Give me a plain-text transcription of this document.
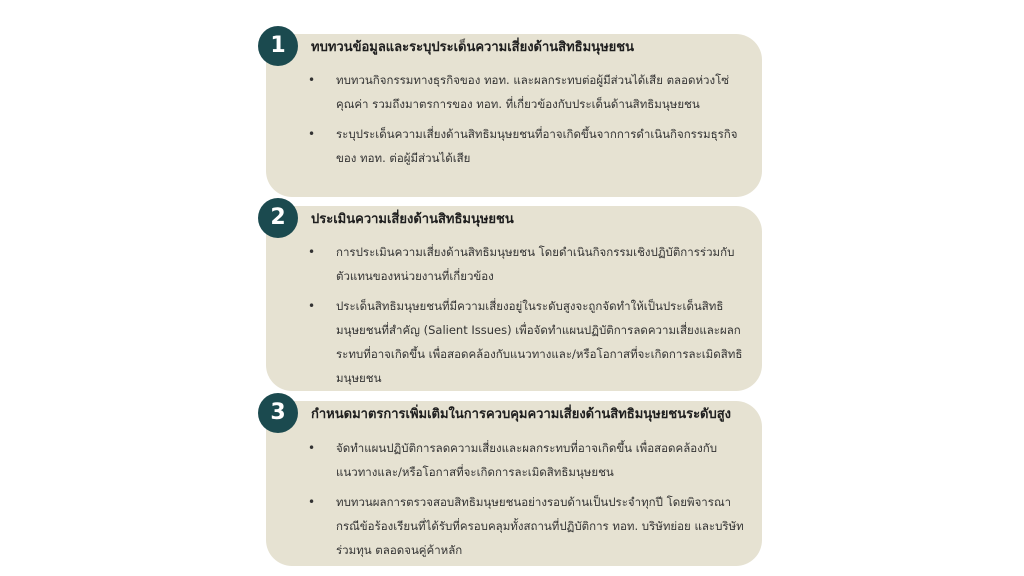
1	ทบทวนข้อมูลและระบุประเด็นความเสี่ยงด้านสิทธิมนุษยชน
• ทบทวนกิจกรรมทางธุรกิจของ ทอท. และผลกระทบต่อผู้มีส่วนได้เสีย ตลอดห่วงโซ่คุณค่า รวมถึงมาตรการของ ทอท. ที่เกี่ยวข้องกับประเด็นด้านสิทธิมนุษยชน
• ระบุประเด็นความเสี่ยงด้านสิทธิมนุษยชนที่อาจเกิดขึ้นจากการดำเนินกิจกรรมธุรกิจของ ทอท. ต่อผู้มีส่วนได้เสีย
2	ประเมินความเสี่ยงด้านสิทธิมนุษยชน
• การประเมินความเสี่ยงด้านสิทธิมนุษยชน โดยดำเนินกิจกรรมเชิงปฏิบัติการร่วมกับตัวแทนของหน่วยงานที่เกี่ยวข้อง
• ประเด็นสิทธิมนุษยชนที่มีความเสี่ยงอยู่ในระดับสูงจะถูกจัดทำให้เป็นประเด็นสิทธิมนุษยชนที่สำคัญ (Salient Issues) เพื่อจัดทำแผนปฏิบัติการลดความเสี่ยงและผลกระทบที่อาจเกิดขึ้น เพื่อสอดคล้องกับแนวทางและ/หรือโอกาสที่จะเกิดการละเมิดสิทธิมนุษยชน
3	กำหนดมาตรการเพิ่มเติมในการควบคุมความเสี่ยงด้านสิทธิมนุษยชนระดับสูง
• จัดทำแผนปฏิบัติการลดความเสี่ยงและผลกระทบที่อาจเกิดขึ้น เพื่อสอดคล้องกับแนวทางและ/หรือโอกาสที่จะเกิดการละเมิดสิทธิมนุษยชน
• ทบทวนผลการตรวจสอบสิทธิมนุษยชนอย่างรอบด้านเป็นประจำทุกปี โดยพิจารณากรณีข้อร้องเรียนที่ได้รับที่ครอบคลุมทั้งสถานที่ปฏิบัติการ ทอท. บริษัทย่อย และบริษัทร่วมทุน ตลอดจนคู่ค้าหลัก
